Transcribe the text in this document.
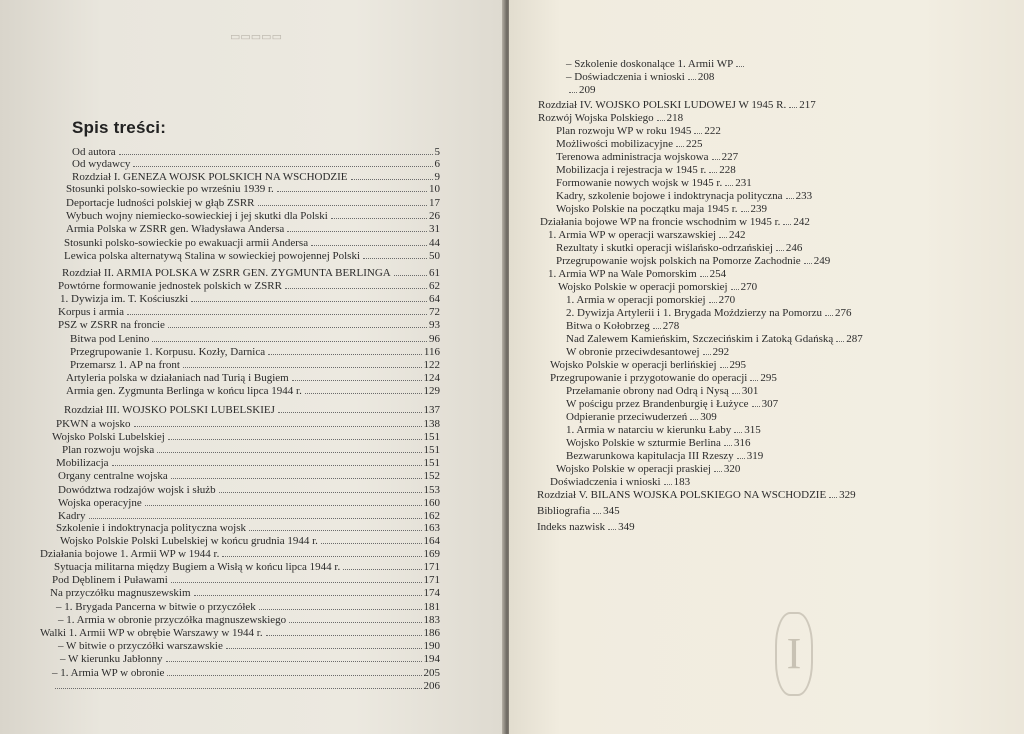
Spis treści:
Od autora	5
Od wydawcy	6
Rozdział I. GENEZA WOJSK POLSKICH NA WSCHODZIE	9
Stosunki polsko-sowieckie po wrześniu 1939 r.	10
Deportacje ludności polskiej w głąb ZSRR	17
Wybuch wojny niemiecko-sowieckiej i jej skutki dla Polski	26
Armia Polska w ZSRR gen. Władysława Andersa	31
Stosunki polsko-sowieckie po ewakuacji armii Andersa	44
Lewica polska alternatywą Stalina w sowieckiej powojennej Polski	50
Rozdział II. ARMIA POLSKA W ZSRR GEN. ZYGMUNTA BERLINGA	61
Powtórne formowanie jednostek polskich w ZSRR	62
1. Dywizja im. T. Kościuszki	64
Korpus i armia	72
PSZ w ZSRR na froncie	93
Bitwa pod Lenino	96
Przegrupowanie 1. Korpusu. Kozły, Darnica	116
Przemarsz 1. AP na front	122
Artyleria polska w działaniach nad Turią i Bugiem	124
Armia gen. Zygmunta Berlinga w końcu lipca 1944 r.	129
Rozdział III. WOJSKO POLSKI LUBELSKIEJ	137
PKWN a wojsko	138
Wojsko Polski Lubelskiej	151
Plan rozwoju wojska	151
Mobilizacja	151
Organy centralne wojska	152
Dowództwa rodzajów wojsk i służb	153
Wojska operacyjne	160
Kadry	162
Szkolenie i indoktrynacja polityczna wojsk	163
Wojsko Polskie Polski Lubelskiej w końcu grudnia 1944 r.	164
Działania bojowe 1. Armii WP w 1944 r.	169
Sytuacja militarna między Bugiem a Wisłą w końcu lipca 1944 r.	171
Pod Dęblinem i Puławami	171
Na przyczółku magnuszewskim	174
– 1. Brygada Pancerna w bitwie o przyczółek	181
– 1. Armia w obronie przyczółka magnuszewskiego	183
Walki 1. Armii WP w obrębie Warszawy w 1944 r.	186
– W bitwie o przyczółki warszawskie	190
– W kierunku Jabłonny	194
– 1. Armia WP w obronie	205
206
▭▭▭▭▭
– Szkolenie doskonalące 1. Armii WP
– Doświadczenia i wnioski 208
209
Rozdział IV. WOJSKO POLSKI LUDOWEJ W 1945 R. 217
Rozwój Wojska Polskiego 218
Plan rozwoju WP w roku 1945 222
Możliwości mobilizacyjne 225
Terenowa administracja wojskowa 227
Mobilizacja i rejestracja w 1945 r. 228
Formowanie nowych wojsk w 1945 r. 231
Kadry, szkolenie bojowe i indoktrynacja polityczna 233
Wojsko Polskie na początku maja 1945 r. 239
Działania bojowe WP na froncie wschodnim w 1945 r. 242
1. Armia WP w operacji warszawskiej 242
Rezultaty i skutki operacji wiślańsko-odrzańskiej 246
Przegrupowanie wojsk polskich na Pomorze Zachodnie 249
1. Armia WP na Wale Pomorskim 254
Wojsko Polskie w operacji pomorskiej 270
1. Armia w operacji pomorskiej 270
2. Dywizja Artylerii i 1. Brygada Moździerzy na Pomorzu 276
Bitwa o Kołobrzeg 278
Nad Zalewem Kamieńskim, Szczecińskim i Zatoką Gdańską 287
W obronie przeciwdesantowej 292
Wojsko Polskie w operacji berlińskiej 295
Przegrupowanie i przygotowanie do operacji 295
Przełamanie obrony nad Odrą i Nysą 301
W pościgu przez Brandenburgię i Łużyce 307
Odpieranie przeciwuderzeń 309
1. Armia w natarciu w kierunku Łaby 315
Wojsko Polskie w szturmie Berlina 316
Bezwarunkowa kapitulacja III Rzeszy 319
Wojsko Polskie w operacji praskiej 320
Doświadczenia i wnioski 183
Rozdział V. BILANS WOJSKA POLSKIEGO NA WSCHODZIE 329
Bibliografia 345
Indeks nazwisk 349
I
